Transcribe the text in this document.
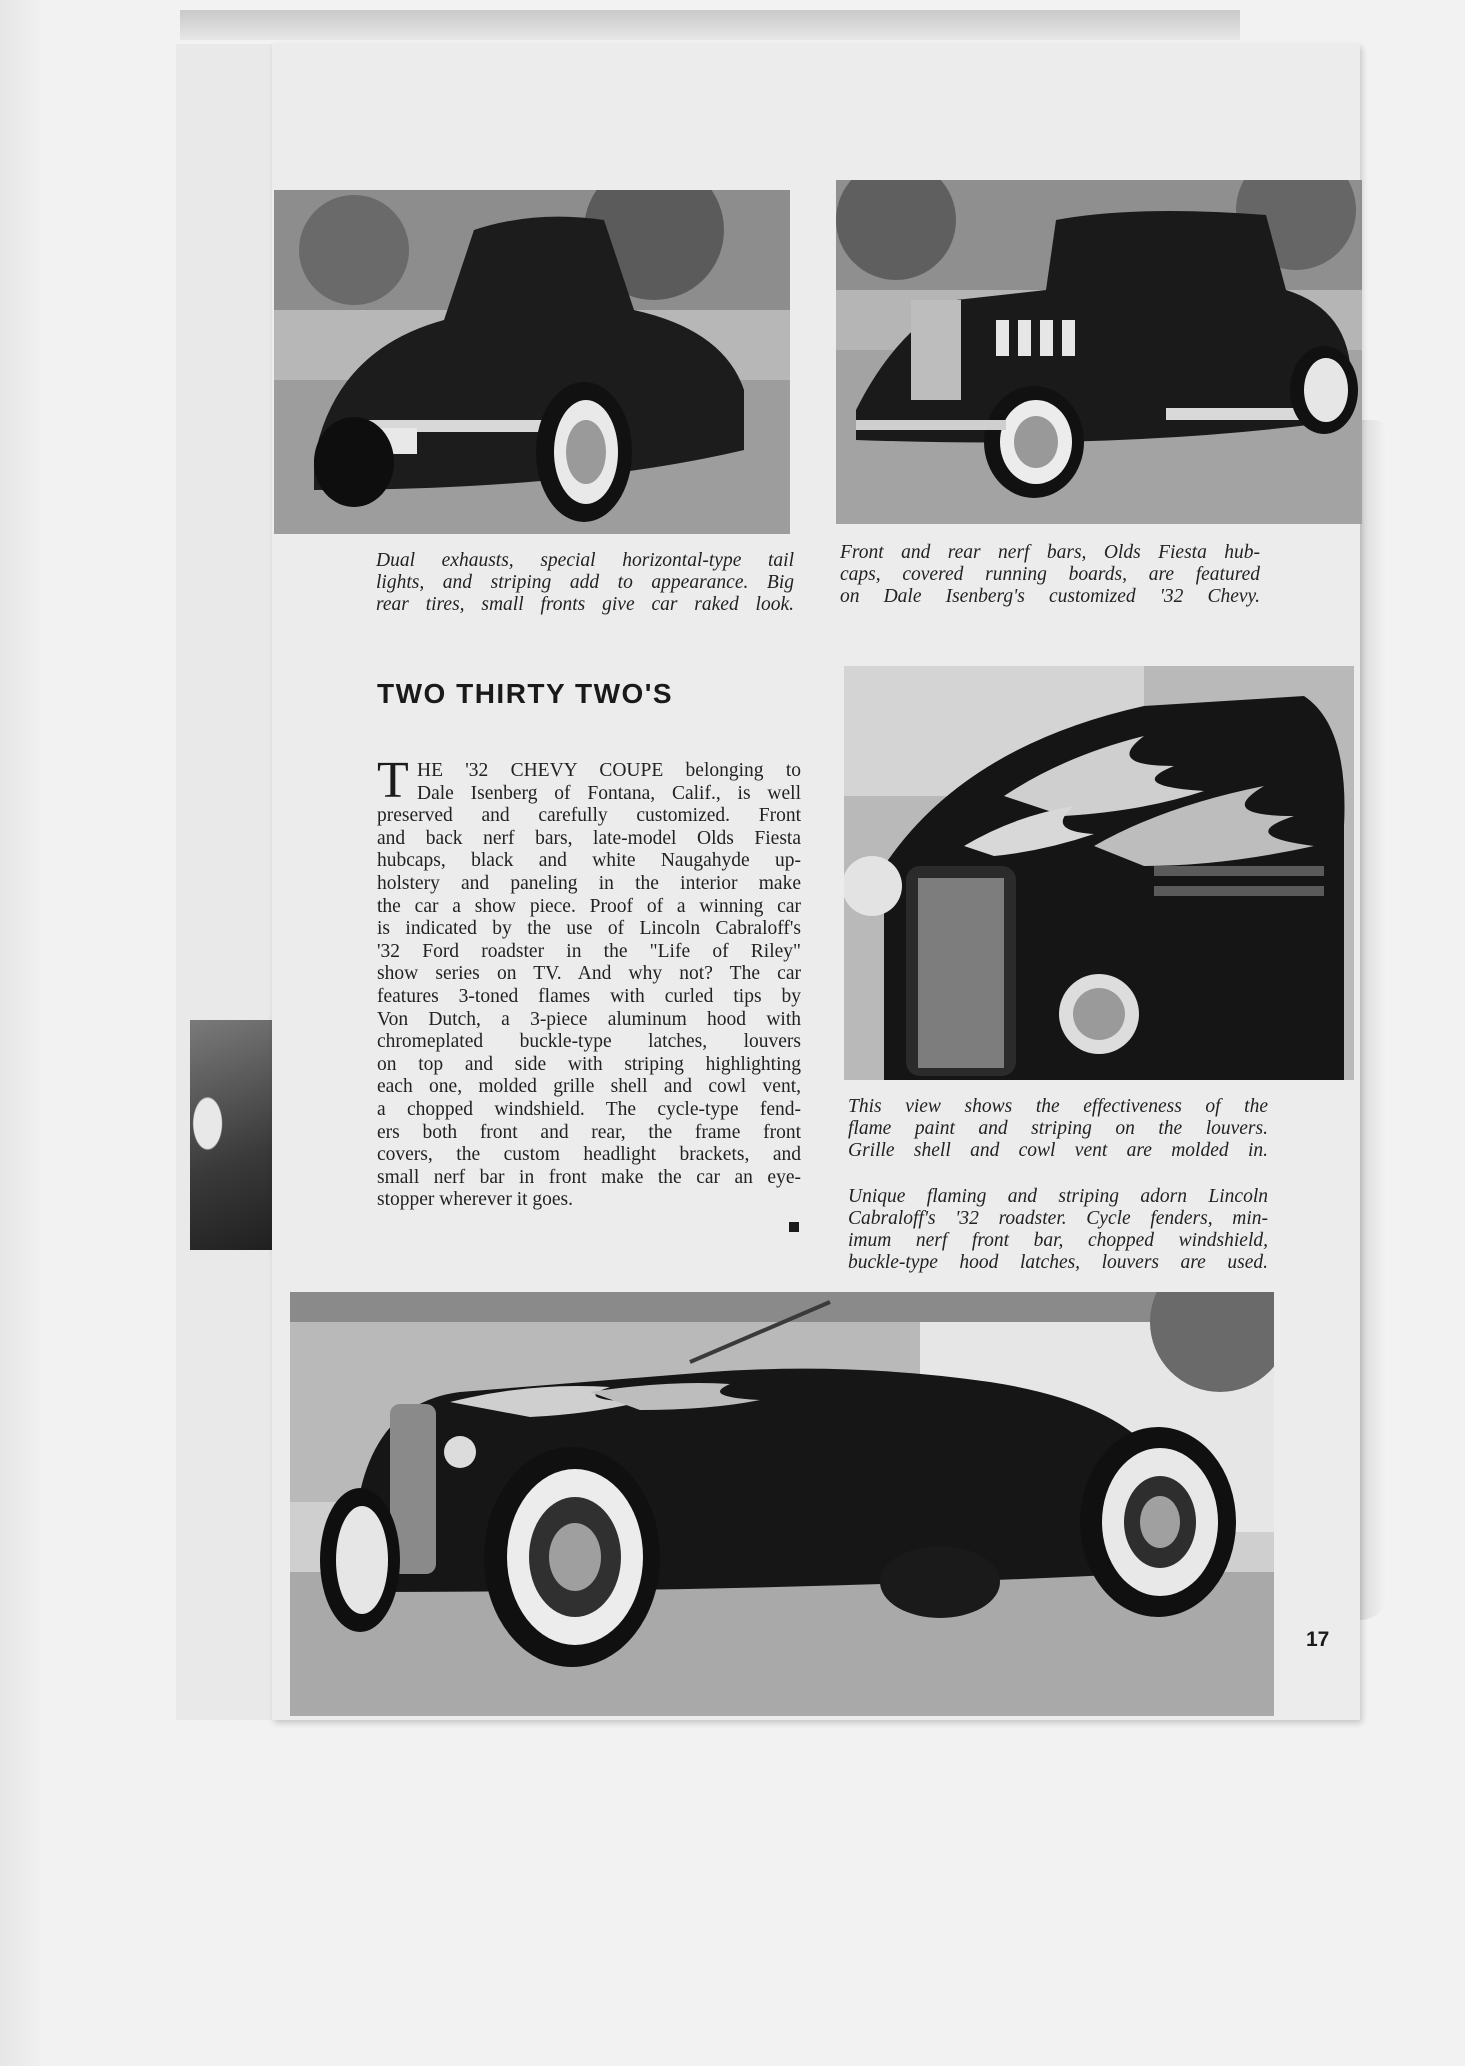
Dual exhausts, special horizontal-type tail
lights, and striping add to appearance. Big
rear tires, small fronts give car raked look.
Front and rear nerf bars, Olds Fiesta hub-
caps, covered running boards, are featured
on Dale Isenberg's customized '32 Chevy.
TWO THIRTY TWO'S
T HE '32 CHEVY COUPE belonging to
Dale Isenberg of Fontana, Calif., is well
preserved and carefully customized. Front
and back nerf bars, late-model Olds Fiesta
hubcaps, black and white Naugahyde up-
holstery and paneling in the interior make
the car a show piece. Proof of a winning car
is indicated by the use of Lincoln Cabraloff's
'32 Ford roadster in the "Life of Riley"
show series on TV. And why not? The car
features 3-toned flames with curled tips by
Von Dutch, a 3-piece aluminum hood with
chromeplated buckle-type latches, louvers
on top and side with striping highlighting
each one, molded grille shell and cowl vent,
a chopped windshield. The cycle-type fend-
ers both front and rear, the frame front
covers, the custom headlight brackets, and
small nerf bar in front make the car an eye-
stopper wherever it goes.
This view shows the effectiveness of the
flame paint and striping on the louvers.
Grille shell and cowl vent are molded in.
Unique flaming and striping adorn Lincoln
Cabraloff's '32 roadster. Cycle fenders, min-
imum nerf front bar, chopped windshield,
buckle-type hood latches, louvers are used.
17
